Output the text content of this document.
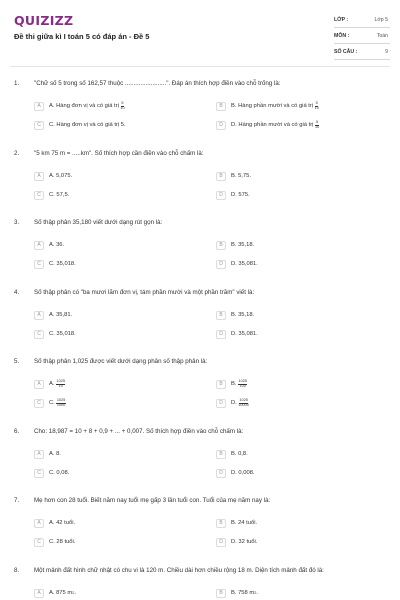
QUIZIZZ
Đề thi giữa kì I toán 5 có đáp án - Đề 5
LỚP :	Lớp 5
MÔN :	Toán
SỐ CÂU :	9
1. "Chữ số 5 trong số 162,57 thuộc ........................". Đáp án thích hợp điền vào chỗ trống là:
A	A. Hàng đơn vị và có giá trị $\frac{5}{10}$	B	B. Hàng phần mười và có giá trị $\frac{5}{10}$
C	C. Hàng đơn vị và có giá trị 5.	D	D. Hàng phần mười và có giá trị $\frac{5}{10}$
2. "5 km 75 m = .....km". Số thích hợp cần điền vào chỗ chấm là:
A	A. 5,075.	B	B. 5,75.
C	C. 57,5.	D	D. 575.
3. Số thập phân 35,180 viết dưới dạng rút gọn là:
A	A. 36.	B	B. 35,18.
C	C. 35,018.	D	D. 35,081.
4. Số thập phân có "ba mươi lăm đơn vị, tám phần mười và một phần trăm" viết là:
A	A. 35,81.	B	B. 35,18.
C	C. 35,018.	D	D. 35,081.
5. Số thập phân 1,025 được viết dưới dạng phân số thập phân là:
A	A. $\frac{1025}{10}$	B	B. $\frac{1025}{100}$
C	C. $\frac{1025}{1000}$	D	D. $\frac{1025}{10000}$
6. Cho: 18,987 = 10 + 8 + 0,9 + ... + 0,007. Số thích hợp điền vào chỗ chấm là:
A	A. 8.	B	B. 0,8.
C	C. 0,08.	D	D. 0,008.
7. Mẹ hơn con 28 tuổi. Biết năm nay tuổi mẹ gấp 3 lần tuổi con. Tuổi của mẹ năm nay là:
A	A. 42 tuổi.	B	B. 24 tuổi.
C	C. 28 tuổi.	D	D. 32 tuổi.
8. Một mảnh đất hình chữ nhật có chu vi là 120 m. Chiều dài hơn chiều rộng 18 m. Diện tích mảnh đất đó là:
A	A. 875 m 2 .	B	B. 758 m 2 .
